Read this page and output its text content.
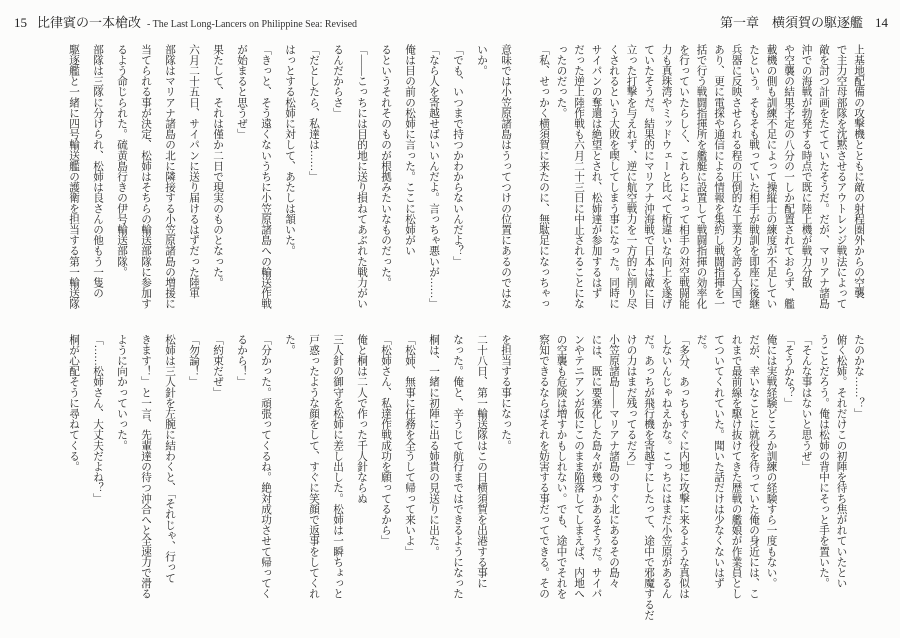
15 比律賓の一本槍改 - The Last Long-Lancers on Philippine Sea: Revised	第一章　横須賀の駆逐艦 14
上基地配備の攻撃機とともに敵の射程圏外からの空襲
で主力空母部隊を沈黙させるアウトレンジ戦法によって
敵を討つ計画をたてていたそうだ。だが、マリアナ諸島
沖での海戦が勃発する時点で既に陸上機が戦力分散
や空襲の結果予定の八分の一しか配置されておらず、艦
載機の側も訓練不足によって操縦士の練度が不足してい
たという。そもそも戦っていた相手が戦訓を即座に後継
兵器に反映させられる程の圧倒的な工業力を誇る大国で
あり、更に電探や通信による情報を集約し戦闘指揮を一
括で行う戦闘指揮所を艦艇に設置して戦闘指揮の効率化
を行っていたらしく、これらによって相手の対空戦闘能
力も真珠湾やミッドウェーと比べて桁違いな向上を遂げ
ていたそうだ。結果的にマリアナ沖海戦で日本は敵に目
立った打撃を与えれず、逆に航空戦力を一方的に削り尽
くされるという大敗を喫してしまう事になった。同時に
サイパンの奪還は絶望とされ、松姉達が参加するはず
だった逆上陸作戦も六月二十三日に中止されることにな
ったのだった。
「私、せっかく横須賀に来たのに、無駄足になっちゃっ
たのかな……？」
俯く松姉。それだけこの初陣を待ち焦がれていたとい
うことだろう。俺は松姉の背中にそっと手を置いた。
「そんな事はないと思うぜ」
「そうかな？」
俺には実戦経験どころか訓練の経験すら一度もない。
だが、幸いなことに就役を待っていた俺の身近には、こ
れまで最前線を駆け抜けてきた歴戦の艦娘が作業員とし
てついてくれていた。聞いた話だけは少なくないはず
だ。
「多分、あっちもすぐに内地に攻撃に来るような真似は
しないんじゃねえかな。こっちにはまだ小笠原があるん
だ。あっちが飛行機を寄越すにしたって、途中で邪魔するだ
けの力はまだ残ってるだろ」
小笠原諸島——マリアナ諸島のすぐ北にあるその島々
には、既に要塞化した島々が幾つかあるそうだ。サイパ
ンやテニアンが仮にこのまま陥落してしまえば、内地へ
の空襲も危険は増すかもしれない。でも、途中でそれを
察知できるならばそれを妨害する事だってできる。その
意味では小笠原諸島はうってつけの位置にあるのではな
いか。
「でも、いつまで持つかわからないんだよ？」
「なら人を寄越せばいいんだよ。言っちゃ悪いが……」
俺は目の前の松姉に言った。ここに松姉がい
るというそれそのものが根拠みたいなものだった。
「——こっちには目的地に送り損ねてあぶれた戦力がい
るんだからさ」
「だとしたら、私達は……」
はっとする松姉に対して、あたしは頷いた。
「きっと、そう遠くないうちに小笠原諸島への輸送作戦
が始まると思うぜ」
果たして、それは僅か二日で現実のものとなった。
六月二十五日、サイパンに送り届けるはずだった陸軍
部隊はマリアナ諸島の北に隣接する小笠原諸島の増援に
当てられる事が決定、松姉はそちらの輸送部隊に参加す
るよう命じられた。硫黄島行きの伊号輸送部隊。
部隊は三隊に分けられ、松姉は良さんの他もう一隻の
駆逐艦と一緒に四号輸送艦の護衛を担当する第一輸送隊
を担当する事になった。
二十八日、第一輸送隊はこの日横須賀を出港する事に
なった。俺と、辛うじて航行まではできるようになった
桐は、一緒に初陣に出る姉貴の見送りに出た。
「松姉、無事に任務を全うして帰って来いよ」
「松姉さん、私達作戦成功を願ってるから」
俺と桐は二人で作った千人針ならぬ
三人針の御守を松姉に差し出した。松姉は一瞬ちょっと
戸惑ったような顔をして、すぐに笑顔で返事をしてくれ
た。
「分かった。頑張ってくるね。絶対成功させて帰ってく
るから！」
「約束だぜ」
「勿論！」
松姉は三人針を左腕に結わくと、「それじゃ、行って
きます！」と一言、先輩達の待つ沖合へと全速力で滑る
ように向かっていった。
「……松姉さん、大丈夫だよね？」
桐が心配そうに尋ねてくる。
